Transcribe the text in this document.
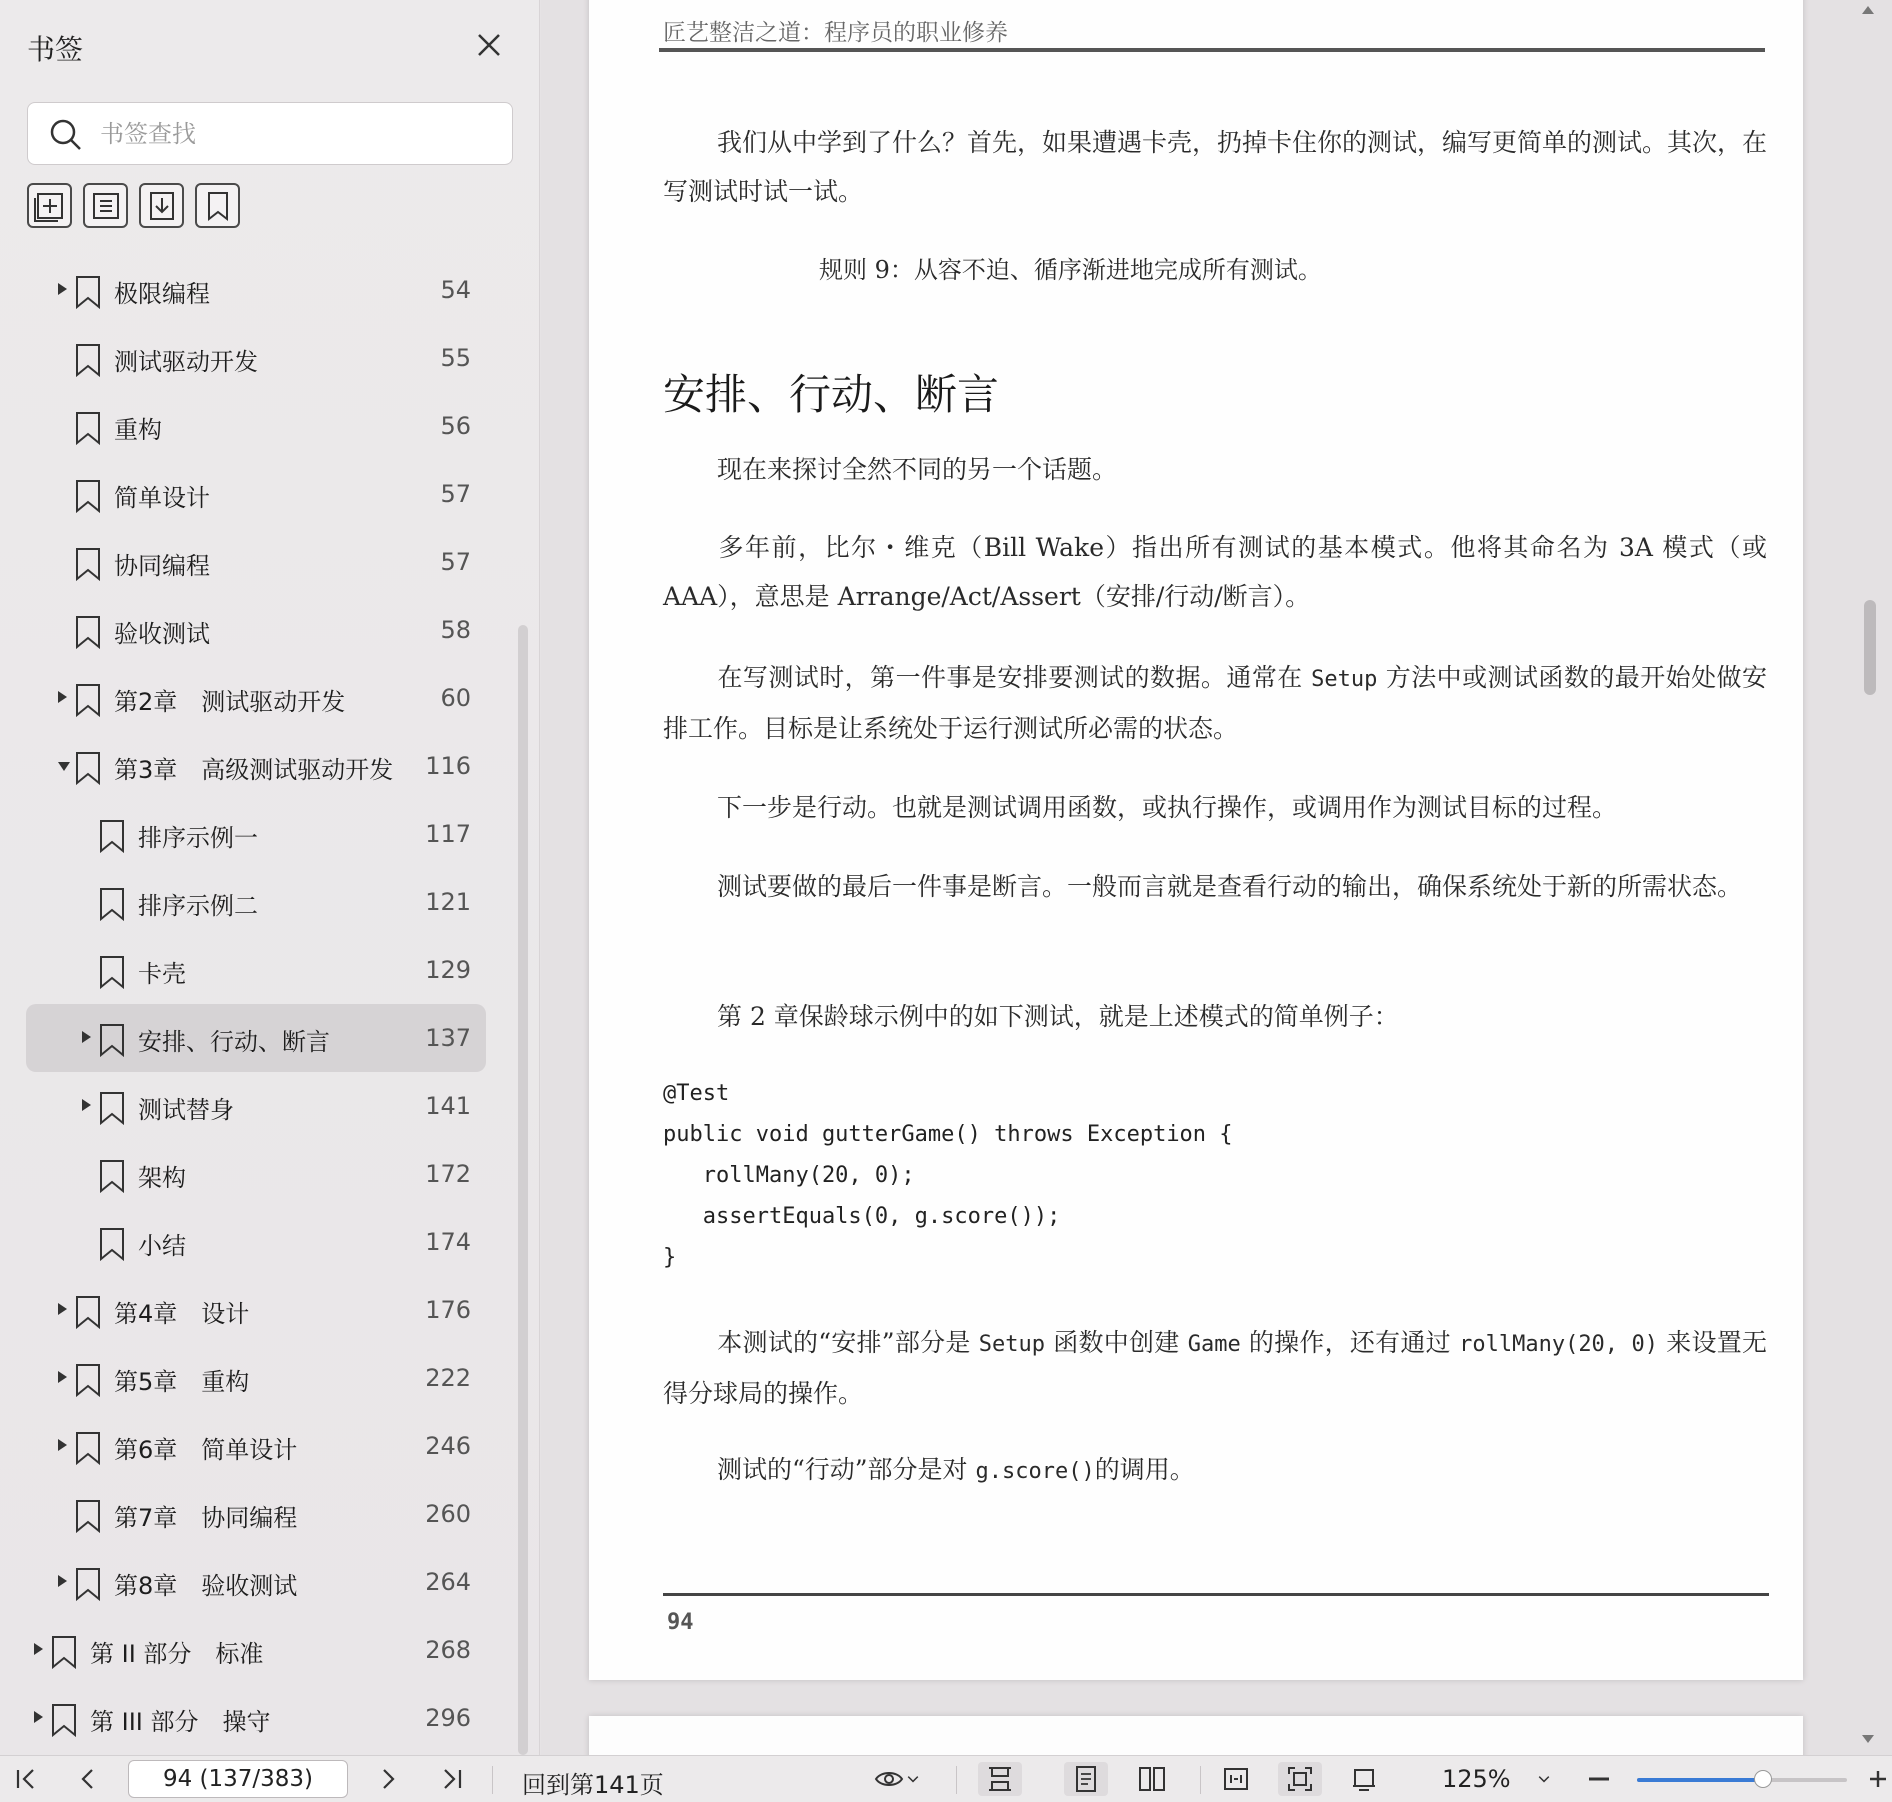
书签
书签查找
极限编程	54
测试驱动开发	55
重构	56
简单设计	57
协同编程	57
验收测试	58
第2章　测试驱动开发	60
第3章　高级测试驱动开发 116
排序示例一	117
排序示例二	121
卡壳	129
安排、行动、断言	137
测试替身	141
架构	172
小结	174
第4章　设计	176
第5章　重构	222
第6章　简单设计	246
第7章　协同编程	260
第8章　验收测试	264
第 II 部分　标准	268
第 III 部分　操守	296
匠艺整洁之道：程序员的职业修养
我们从中学到了什么？首先，如果遭遇卡壳，扔掉卡住你的测试，编写更简单的测试。其次，在写测试时试一试。
规则 9：从容不迫、循序渐进地完成所有测试。
安排、行动、断言
现在来探讨全然不同的另一个话题。
多年前，比尔・维克（Bill Wake）指出所有测试的基本模式。他将其命名为 3A 模式（或 AAA），意思是 Arrange/Act/Assert（安排/行动/断言）。
在写测试时，第一件事是安排要测试的数据。通常在 Setup 方法中或测试函数的最开始处做安排工作。目标是让系统处于运行测试所必需的状态。
下一步是行动。也就是测试调用函数，或执行操作，或调用作为测试目标的过程。
测试要做的最后一件事是断言。一般而言就是查看行动的输出，确保系统处于新的所需状态。
第 2 章保龄球示例中的如下测试，就是上述模式的简单例子：
@Test
public void gutterGame() throws Exception {
rollMany(20, 0);
assertEquals(0, g.score());
}
本测试的“安排”部分是 Setup 函数中创建 Game 的操作，还有通过 rollMany(20, 0) 来设置无得分球局的操作。
测试的“行动”部分是对 g.score()的调用。
94
94 (137/383)
回到第141页	125%
